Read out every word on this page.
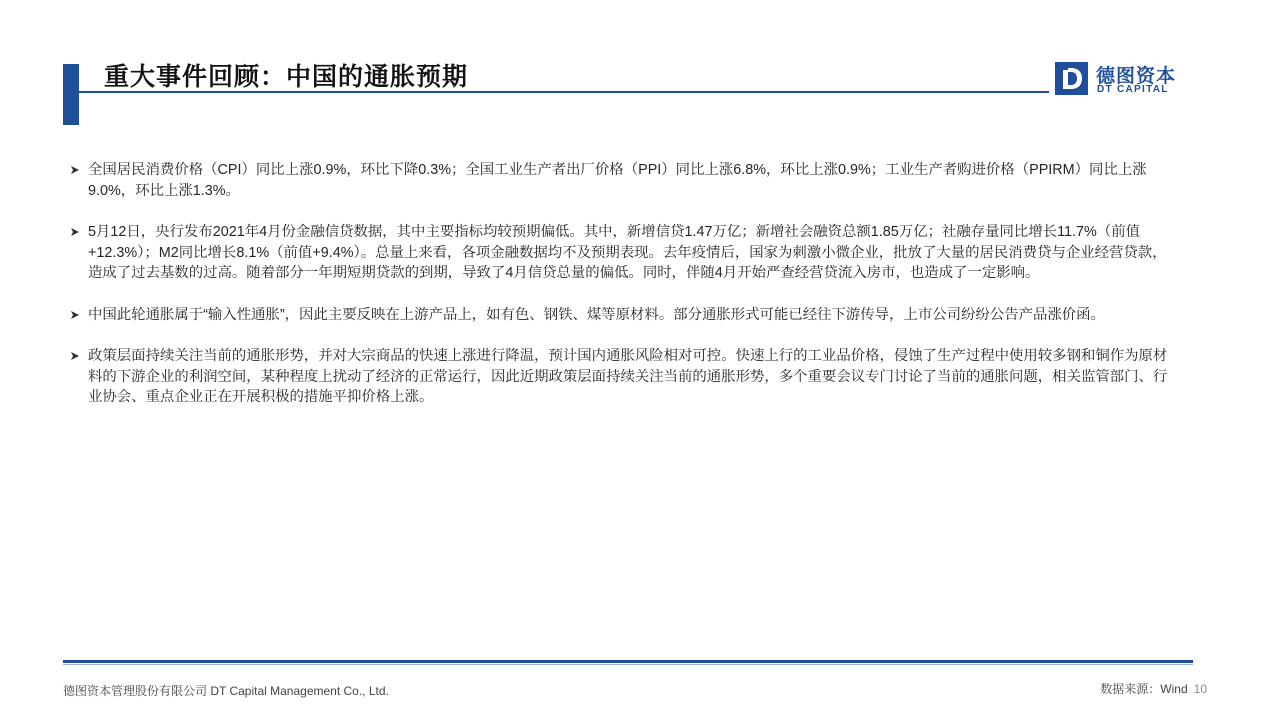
重大事件回顾：中国的通胀预期	德图资本
DT CAPITAL
全国居民消费价格（CPI）同比上涨0.9%，环比下降0.3%；全国工业生产者出厂价格（PPI）同比上涨6.8%，环比上涨0.9%；工业生产者购进价格（PPIRM）同比上涨9.0%，环比上涨1.3%。
5月12日，央行发布2021年4月份金融信贷数据，其中主要指标均较预期偏低。其中，新增信贷1.47万亿；新增社会融资总额1.85万亿；社融存量同比增长11.7%（前值+12.3%）；M2同比增长8.1%（前值+9.4%）。总量上来看，各项金融数据均不及预期表现。去年疫情后，国家为刺激小微企业，批放了大量的居民消费贷与企业经营贷款，造成了过去基数的过高。随着部分一年期短期贷款的到期，导致了4月信贷总量的偏低。同时，伴随4月开始严查经营贷流入房市，也造成了一定影响。
中国此轮通胀属于“输入性通胀”，因此主要反映在上游产品上，如有色、钢铁、煤等原材料。部分通胀形式可能已经往下游传导，上市公司纷纷公告产品涨价函。
政策层面持续关注当前的通胀形势，并对大宗商品的快速上涨进行降温，预计国内通胀风险相对可控。快速上行的工业品价格，侵蚀了生产过程中使用较多钢和铜作为原材料的下游企业的利润空间，某种程度上扰动了经济的正常运行，因此近期政策层面持续关注当前的通胀形势，多个重要会议专门讨论了当前的通胀问题，相关监管部门、行业协会、重点企业正在开展积极的措施平抑价格上涨。
德图资本管理股份有限公司 DT Capital Management Co., Ltd.	数据来源：Wind 10
